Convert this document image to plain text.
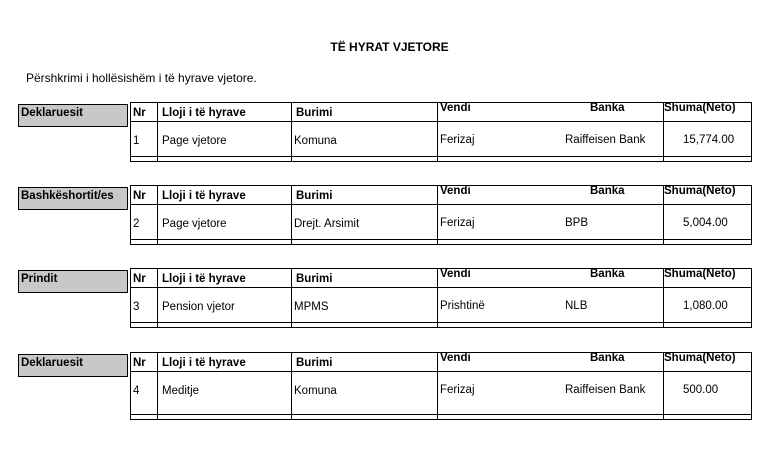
TË HYRAT VJETORE
Përshkrimi i hollësishëm i të hyrave vjetore.
Deklaruesit	Nr Lloji i të hyrave	Burimi	Vendi	Banka	Shuma(Neto)
1 Page vjetore	Komuna	Ferizaj	Raiffeisen Bank	15,774.00
Bashkëshortit/es	Nr Lloji i të hyrave	Burimi	Vendi	Banka	Shuma(Neto)
2 Page vjetore	Drejt. Arsimit	Ferizaj	BPB	5,004.00
Prindit	Nr Lloji i të hyrave	Burimi	Vendi	Banka	Shuma(Neto)
3 Pension vjetor	MPMS	Prishtinë	NLB	1,080.00
Deklaruesit	Nr Lloji i të hyrave	Burimi	Vendi	Banka	Shuma(Neto)
4 Meditje	Komuna	Ferizaj	Raiffeisen Bank	500.00
